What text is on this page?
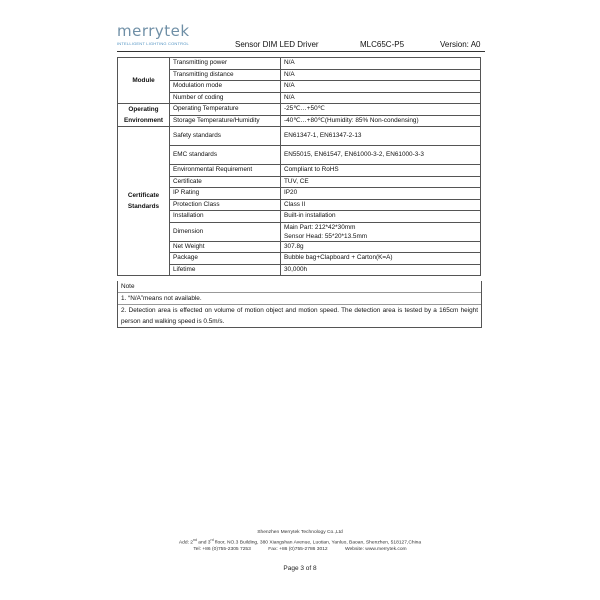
merrytek
INTELLIGENT LIGHTING CONTROL	Sensor DIM LED Driver	MLC65C-P5	Version: A0
Module	Transmitting power	N/A
	Transmitting distance	N/A
	Modulation mode	N/A
	Number of coding	N/A
Operating Environment	Operating Temperature	-25℃…+50℃
	Storage Temperature/Humidity	-40℃…+80℃(Humidity: 85% Non-condensing)
Certificate Standards	Safety standards	EN61347-1, EN61347-2-13
	EMC standards	EN55015, EN61547, EN61000-3-2, EN61000-3-3
	Environmental Requirement	Compliant to RoHS
	Certificate	TUV, CE
	IP Rating	IP20
	Protection Class	Class II
	Installation	Built-in installation
	Dimension	Main Part: 212*42*30mm
Sensor Head: 55*20*13.5mm

	Net Weight	307.8g
	Package	Bubble bag+Clapboard + Carton(K=A)
	Lifetime	30,000h
Note
1. “N/A”means not available.
2. Detection area is effected on volume of motion object and motion speed. The detection area is tested by a 165cm height person and walking speed is 0.5m/s.
Shenzhen Merrytek Technology Co.,Ltd
Add: 2nd and 3rd floor, NO.3 Building, 380 Xiangshan Avenue, Luotian, Yanluo, Baoan, Shenzhen, 518127,China
Tel: +86 (0)755-2305 7253	Fax: +86 (0)755-2786 3012	Website: www.merrytek.com
Page 3 of 8
